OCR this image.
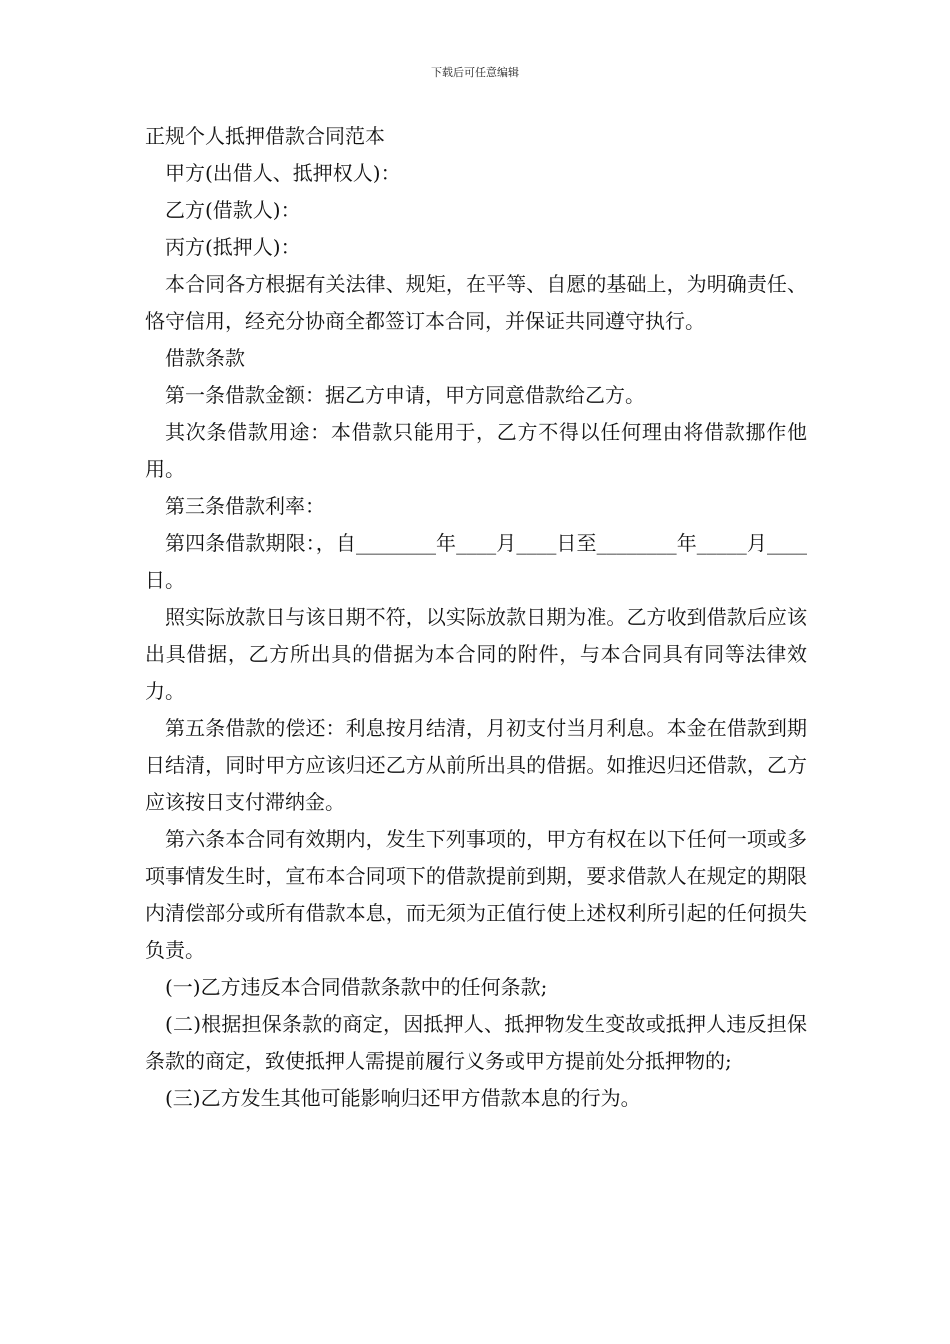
下载后可任意编辑

正规个人抵押借款合同范本

甲方(出借人、抵押权人)：

乙方(借款人)：

丙方(抵押人)：

本合同各方根据有关法律、规矩，在平等、自愿的基础上，为明确责任、恪守信用，经充分协商全都签订本合同，并保证共同遵守执行。

借款条款

第一条借款金额：据乙方申请，甲方同意借款给乙方。

其次条借款用途：本借款只能用于，乙方不得以任何理由将借款挪作他用。

第三条借款利率：

第四条借款期限：，自________年____月____日至________年_____月____日。

照实际放款日与该日期不符，以实际放款日期为准。乙方收到借款后应该出具借据，乙方所出具的借据为本合同的附件，与本合同具有同等法律效力。

第五条借款的偿还：利息按月结清，月初支付当月利息。本金在借款到期日结清，同时甲方应该归还乙方从前所出具的借据。如推迟归还借款，乙方应该按日支付滞纳金。

第六条本合同有效期内，发生下列事项的，甲方有权在以下任何一项或多项事情发生时，宣布本合同项下的借款提前到期，要求借款人在规定的期限内清偿部分或所有借款本息，而无须为正值行使上述权利所引起的任何损失负责。

(一)乙方违反本合同借款条款中的任何条款;

(二)根据担保条款的商定，因抵押人、抵押物发生变故或抵押人违反担保条款的商定，致使抵押人需提前履行义务或甲方提前处分抵押物的;

(三)乙方发生其他可能影响归还甲方借款本息的行为。
